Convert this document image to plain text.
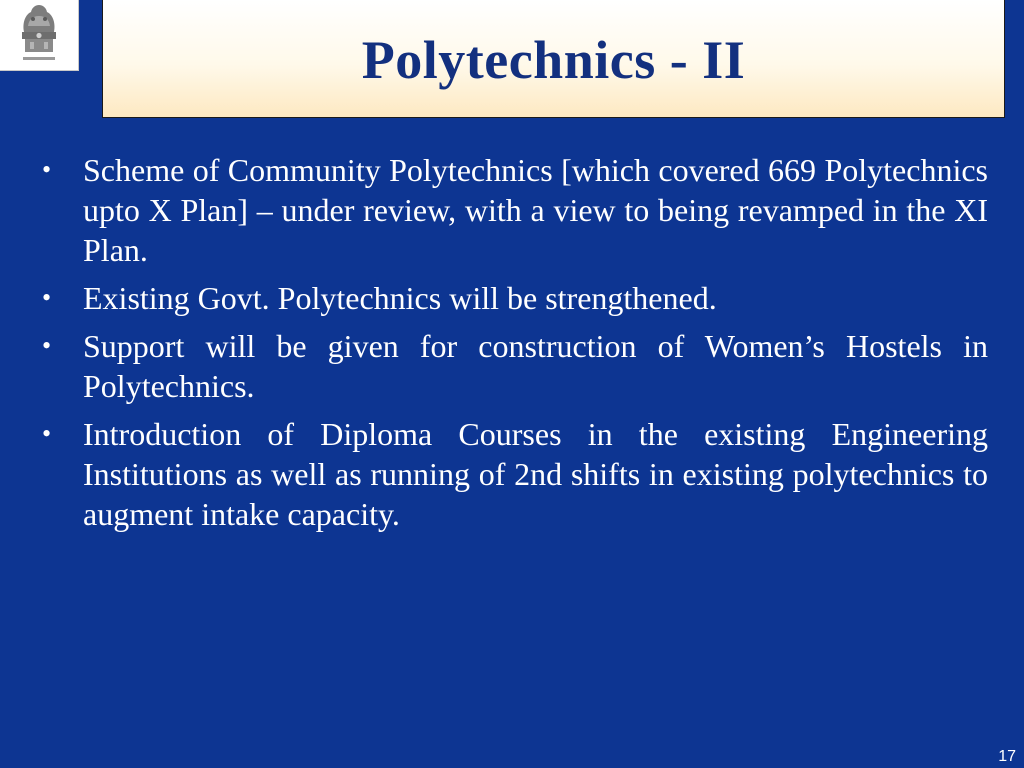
Polytechnics - II
• Scheme of Community Polytechnics [which covered 669 Polytechnics upto X Plan] – under review, with a view to being revamped in the XI Plan.
• Existing Govt. Polytechnics will be strengthened.
• Support will be given for construction of Women’s Hostels in Polytechnics.
• Introduction of Diploma Courses in the existing Engineering Institutions as well as running of 2nd shifts in existing polytechnics to augment intake capacity.
17
